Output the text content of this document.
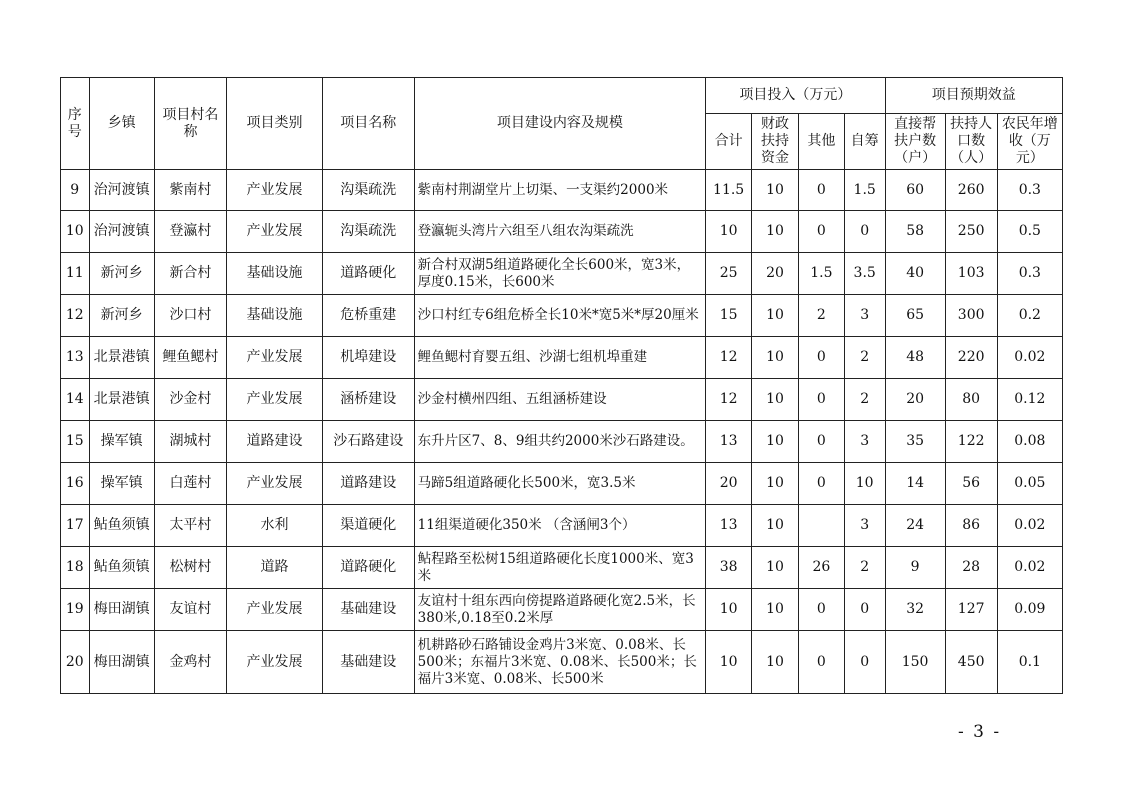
序号	乡镇	项目村名称	项目类别	项目名称	项目建设内容及规模	项目投入（万元）				项目预期效益		
						合计	财政扶持资金	其他	自筹	直接帮扶户数（户）	扶持人口数（人）	农民年增收（万元）
9	治河渡镇	紫南村	产业发展	沟渠疏洗	紫南村荆湖堂片上切渠、一支渠约2000米	11.5	10	0	1.5	60	260	0.3
10	治河渡镇	登瀛村	产业发展	沟渠疏洗	登瀛轭头湾片六组至八组农沟渠疏洗	10	10	0	0	58	250	0.5
11	新河乡	新合村	基础设施	道路硬化	新合村双湖5组道路硬化全长600米，宽3米，厚度0.15米，长600米	25	20	1.5	3.5	40	103	0.3
12	新河乡	沙口村	基础设施	危桥重建	沙口村红专6组危桥全长10米*宽5米*厚20厘米	15	10	2	3	65	300	0.2
13	北景港镇	鲤鱼鳃村	产业发展	机埠建设	鲤鱼鳃村育婴五组、沙湖七组机埠重建	12	10	0	2	48	220	0.02
14	北景港镇	沙金村	产业发展	涵桥建设	沙金村横州四组、五组涵桥建设	12	10	0	2	20	80	0.12
15	操军镇	湖城村	道路建设	沙石路建设	东升片区7、8、9组共约2000米沙石路建设。	13	10	0	3	35	122	0.08
16	操军镇	白莲村	产业发展	道路建设	马蹄5组道路硬化长500米，宽3.5米	20	10	0	10	14	56	0.05
17	鲇鱼须镇	太平村	水利	渠道硬化	11组渠道硬化350米 （含涵闸3个）	13	10		3	24	86	0.02
18	鲇鱼须镇	松树村	道路	道路硬化	鲇程路至松树15组道路硬化长度1000米、宽3米	38	10	26	2	9	28	0.02
19	梅田湖镇	友谊村	产业发展	基础建设	友谊村十组东西向傍提路道路硬化宽2.5米，长380米,0.18至0.2米厚	10	10	0	0	32	127	0.09
20	梅田湖镇	金鸡村	产业发展	基础建设	机耕路砂石路铺设金鸡片3米宽、0.08米、长500米；东福片3米宽、0.08米、长500米；长福片3米宽、0.08米、长500米	10	10	0	0	150	450	0.1
- 3 -
